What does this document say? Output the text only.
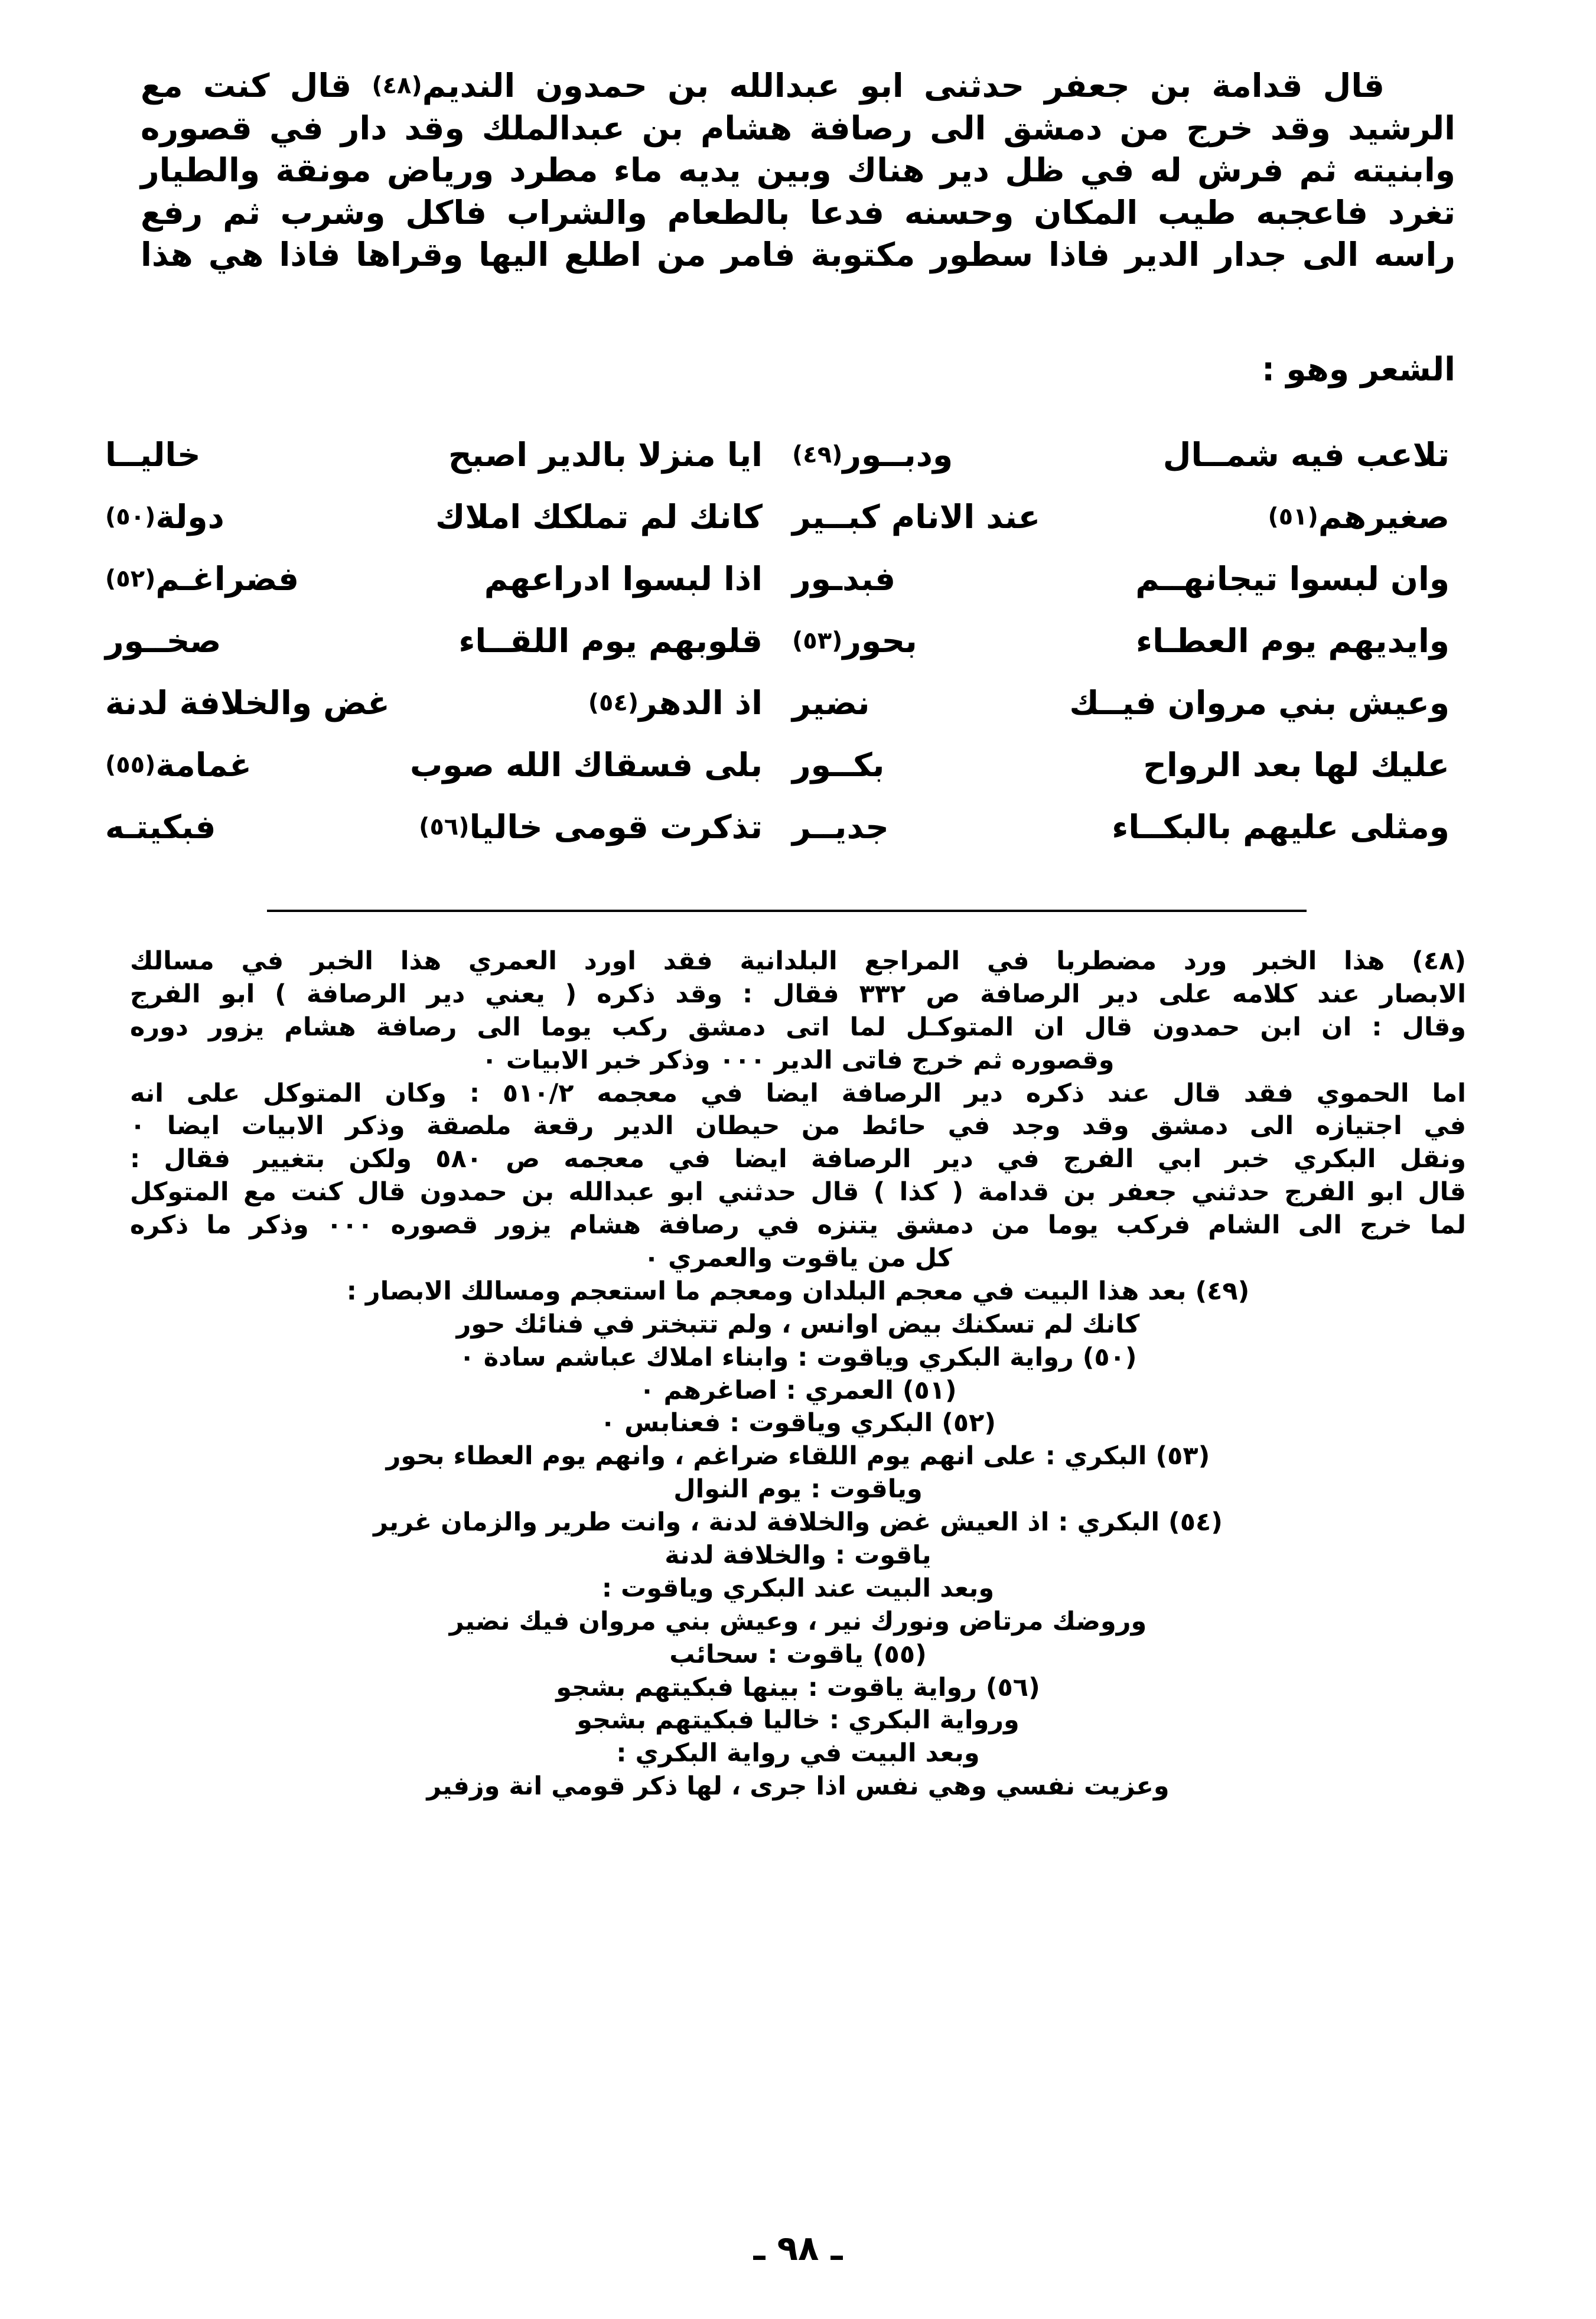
قال قدامة بن جعفر حدثنى ابو عبدالله بن حمدون النديم(٤٨) قال كنت مع الرشيد وقد خرج من دمشق الى رصافة هشام بن عبدالملك وقد دار في قصوره وابنيته ثم فرش له في ظل دير هناك وبين يديه ماء مطرد ورياض مونقة والطيار تغرد فاعجبه طيب المكان وحسنه فدعا بالطعام والشراب فاكل وشرب ثم رفع راسه الى جدار الدير فاذا سطور مكتوبة فامر من اطلع اليها وقراها فاذا هي هذا
الشعر وهو :
تلاعب فيه شمــال
ودبــور(٤٩)
ايا منزلا بالدير اصبح
خاليــا
صغيرهم(٥١)
عند الانام كبــير
كانك لم تملكك املاك
دولة(٥٠)
وان لبسوا تيجانهــم
فبدـور
اذا لبسوا ادراعهم
فضراغـم(٥٢)
وايديهم يوم العطـاء
بحور(٥٣)
قلوبهم يوم اللقــاء
صخــور
وعيش بني مروان فيــك
نضير
اذ الدهر(٥٤)
غض والخلافة لدنة
عليك لها بعد الرواح
بكــور
بلى فسقاك الله صوب
غمامة(٥٥)
ومثلى عليهم بالبكــاء
جديــر
تذكرت قومى خاليا(٥٦)
فبكيتـه

(٤٨) هذا الخبر ورد مضطربا في المراجع البلدانية فقد اورد العمري هذا الخبر في مسالك

الابصار عند كلامه على دير الرصافة ص ٣٣٢ فقال : وقد ذكره ( يعني دير الرصافة ) ابو الفرج

وقال : ان ابن حمدون قال ان المتوكـل لما اتى دمشق ركب يوما الى رصافة هشام يزور دوره

وقصوره ثم خرج فاتى الدير ٠٠٠ وذكر خبر الابيات ٠

اما الحموي فقد قال عند ذكره دير الرصافة ايضا في معجمه ٥١٠/٢ : وكان المتوكل على انه

في اجتيازه الى دمشق وقد وجد في حائط من حيطان الدير رقعة ملصقة وذكر الابيات ايضا ٠

ونقل البكري خبر ابي الفرج في دير الرصافة ايضا في معجمه ص ٥٨٠ ولكن بتغيير فقال :

قال ابو الفرج حدثني جعفر بن قدامة ( كذا ) قال حدثني ابو عبدالله بن حمدون قال كنت مع المتوكل

لما خرج الى الشام فركب يوما من دمشق يتنزه في رصافة هشام يزور قصوره ٠٠٠ وذكر ما ذكره

كل من ياقوت والعمري ٠

(٤٩) بعد هذا البيت في معجم البلدان ومعجم ما استعجم ومسالك الابصار :

كانك لم تسكنك بيض اوانس ، ولم تتبختر في فنائك حور

(٥٠) رواية البكري وياقوت : وابناء املاك عباشم سادة ٠

(٥١) العمري : اصاغرهم ٠

(٥٢) البكري وياقوت : فعنابس ٠

(٥٣) البكري : على انهم يوم اللقاء ضراغم ، وانهم يوم العطاء بحور

وياقوت : يوم النوال

(٥٤) البكري : اذ العيش غض والخلافة لدنة ، وانت طرير والزمان غرير

ياقوت : والخلافة لدنة

وبعد البيت عند البكري وياقوت :

وروضك مرتاض ونورك نير ، وعيش بني مروان فيك نضير

(٥٥) ياقوت : سحائب

(٥٦) رواية ياقوت : بينها فبكيتهم بشجو

ورواية البكري : خاليا فبكيتهم بشجو

وبعد البيت في رواية البكري :

وعزيت نفسي وهي نفس اذا جرى ، لها ذكر قومي انة وزفير

ـ ٩٨ ـ
